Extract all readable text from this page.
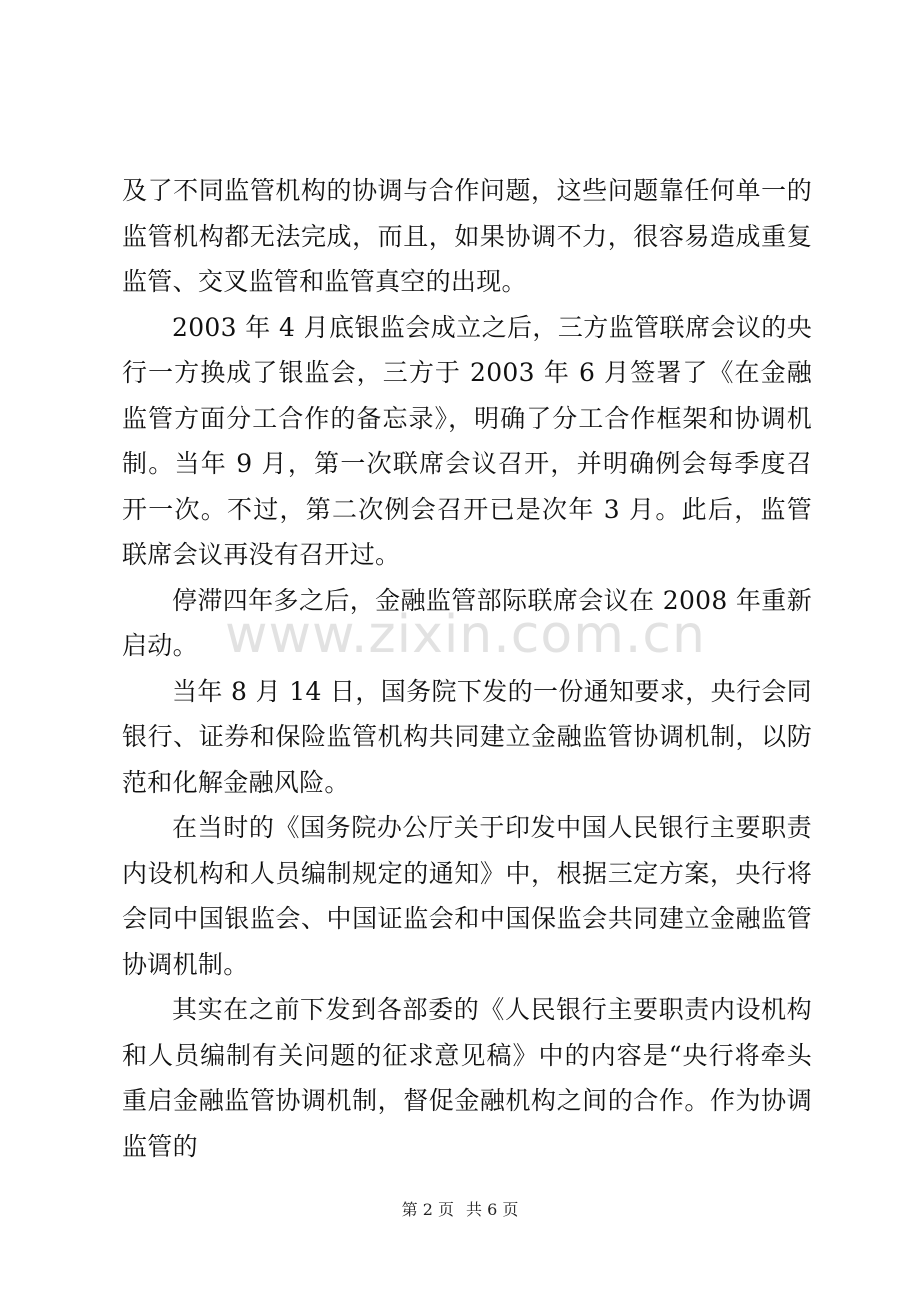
及了不同监管机构的协调与合作问题，这些问题靠任何单一的监管机构都无法完成，而且，如果协调不力，很容易造成重复监管、交叉监管和监管真空的出现。

2003 年 4 月底银监会成立之后，三方监管联席会议的央行一方换成了银监会，三方于 2003 年 6 月签署了《在金融监管方面分工合作的备忘录》，明确了分工合作框架和协调机制。当年 9 月，第一次联席会议召开，并明确例会每季度召开一次。不过，第二次例会召开已是次年 3 月。此后，监管联席会议再没有召开过。

停滞四年多之后，金融监管部际联席会议在 2008 年重新启动。

当年 8 月 14 日，国务院下发的一份通知要求，央行会同银行、证券和保险监管机构共同建立金融监管协调机制，以防范和化解金融风险。

在当时的《国务院办公厅关于印发中国人民银行主要职责内设机构和人员编制规定的通知》中，根据三定方案，央行将会同中国银监会、中国证监会和中国保监会共同建立金融监管协调机制。

其实在之前下发到各部委的《人民银行主要职责内设机构和人员编制有关问题的征求意见稿》中的内容是“央行将牵头重启金融监管协调机制，督促金融机构之间的合作。作为协调监管的

www.zixin.com.cn
第 2 页 共 6 页
